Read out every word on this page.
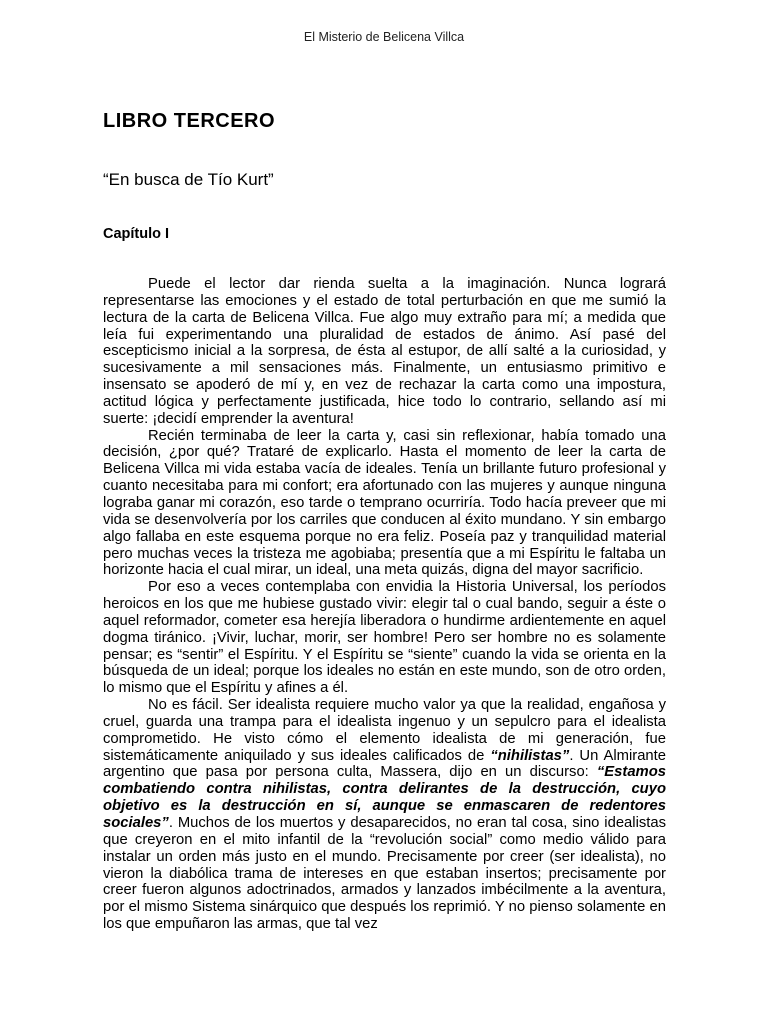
El Misterio de Belicena Villca
LIBRO TERCERO
“En busca de Tío Kurt”
Capítulo I

Puede el lector dar rienda suelta a la imaginación. Nunca logrará representarse las emociones y el estado de total perturbación en que me sumió la lectura de la carta de Belicena Villca. Fue algo muy extraño para mí; a medida que leía fui experimentando una pluralidad de estados de ánimo. Así pasé del escepticismo inicial a la sorpresa, de ésta al estupor, de allí salté a la curiosidad, y sucesivamente a mil sensaciones más. Finalmente, un entusiasmo primitivo e insensato se apoderó de mí y, en vez de rechazar la carta como una impostura, actitud lógica y perfectamente justificada, hice todo lo contrario, sellando así mi suerte: ¡decidí emprender la aventura!

Recién terminaba de leer la carta y, casi sin reflexionar, había tomado una decisión, ¿por qué? Trataré de explicarlo. Hasta el momento de leer la carta de Belicena Villca mi vida estaba vacía de ideales. Tenía un brillante futuro profesional y cuanto necesitaba para mi confort; era afortunado con las mujeres y aunque ninguna lograba ganar mi corazón, eso tarde o temprano ocurriría. Todo hacía preveer que mi vida se desenvolvería por los carriles que conducen al éxito mundano. Y sin embargo algo fallaba en este esquema porque no era feliz. Poseía paz y tranquilidad material pero muchas veces la tristeza me agobiaba; presentía que a mi Espíritu le faltaba un horizonte hacia el cual mirar, un ideal, una meta quizás, digna del mayor sacrificio.

Por eso a veces contemplaba con envidia la Historia Universal, los períodos heroicos en los que me hubiese gustado vivir: elegir tal o cual bando, seguir a éste o aquel reformador, cometer esa herejía liberadora o hundirme ardientemente en aquel dogma tiránico. ¡Vivir, luchar, morir, ser hombre! Pero ser hombre no es solamente pensar; es “sentir” el Espíritu. Y el Espíritu se “siente” cuando la vida se orienta en la búsqueda de un ideal; porque los ideales no están en este mundo, son de otro orden, lo mismo que el Espíritu y afines a él.

No es fácil. Ser idealista requiere mucho valor ya que la realidad, engañosa y cruel, guarda una trampa para el idealista ingenuo y un sepulcro para el idealista comprometido. He visto cómo el elemento idealista de mi generación, fue sistemáticamente aniquilado y sus ideales calificados de “nihilistas”. Un Almirante argentino que pasa por persona culta, Massera, dijo en un discurso: “Estamos combatiendo contra nihilistas, contra delirantes de la destrucción, cuyo objetivo es la destrucción en sí, aunque se enmascaren de redentores sociales”. Muchos de los muertos y desaparecidos, no eran tal cosa, sino idealistas que creyeron en el mito infantil de la “revolución social” como medio válido para instalar un orden más justo en el mundo. Precisamente por creer (ser idealista), no vieron la diabólica trama de intereses en que estaban insertos; precisamente por creer fueron algunos adoctrinados, armados y lanzados imbécilmente a la aventura, por el mismo Sistema sinárquico que después los reprimió. Y no pienso solamente en los que empuñaron las armas, que tal vez
